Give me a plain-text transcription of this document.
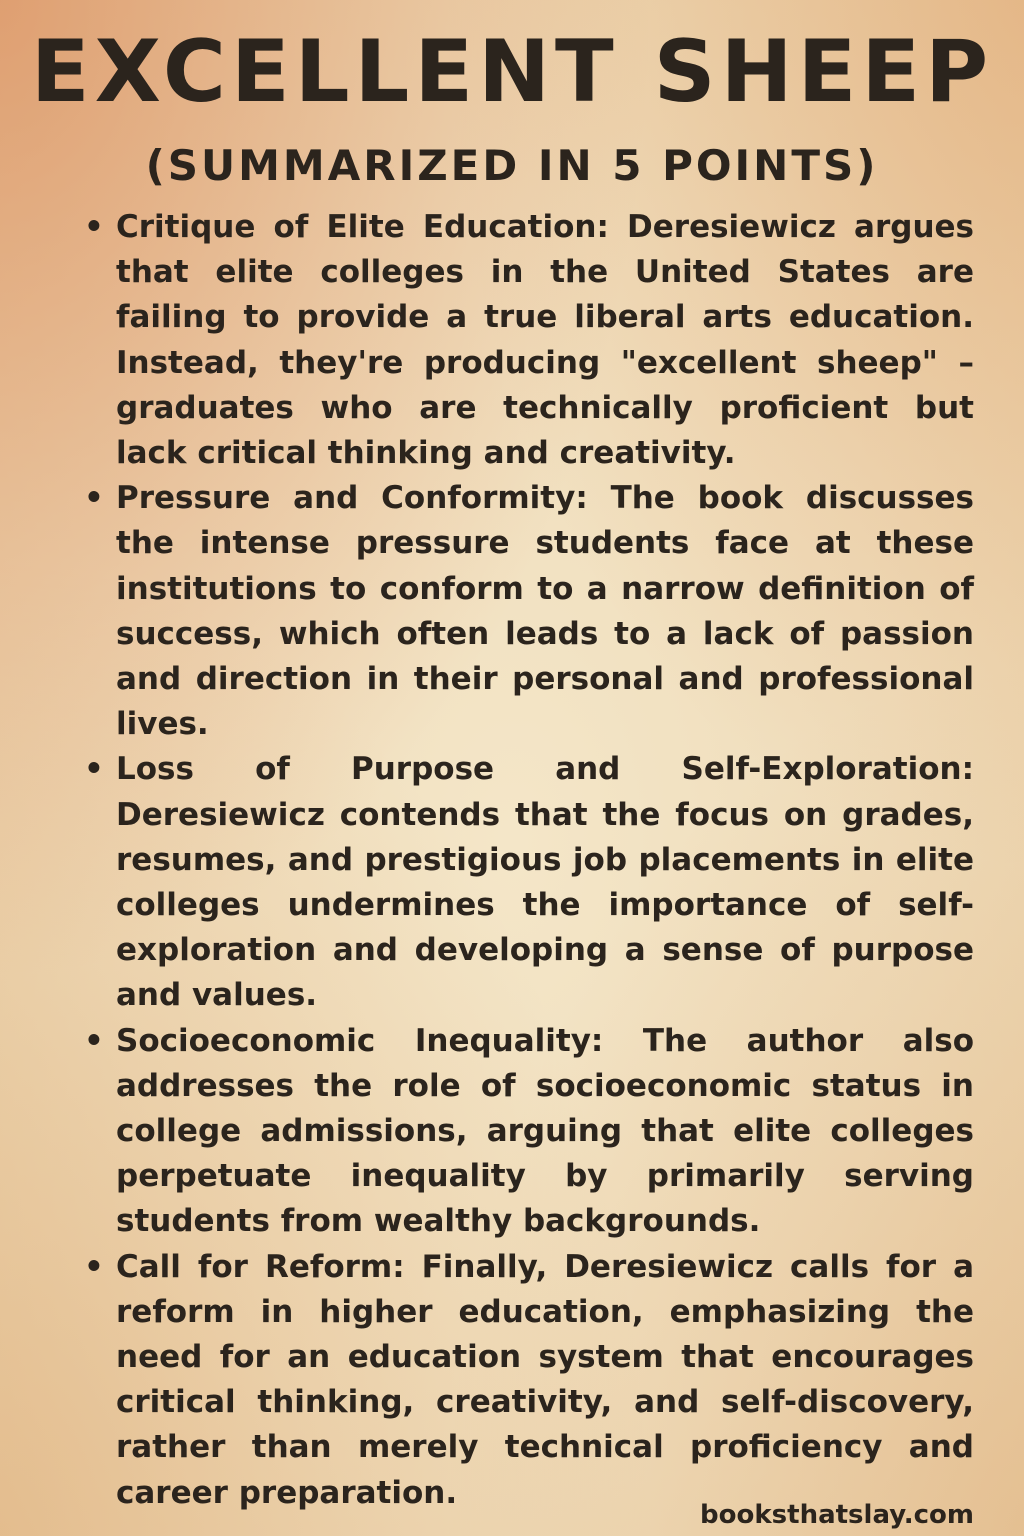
EXCELLENT SHEEP
(SUMMARIZED IN 5 POINTS)
• Critique of Elite Education: Deresiewicz argues that elite colleges in the United States are failing to provide a true liberal arts education. Instead, they're producing "excellent sheep" – graduates who are technically proficient but lack critical thinking and creativity.
• Pressure and Conformity: The book discusses the intense pressure students face at these institutions to conform to a narrow definition of success, which often leads to a lack of passion and direction in their personal and professional lives.
• Loss of Purpose and Self-Exploration: Deresiewicz contends that the focus on grades, resumes, and prestigious job placements in elite colleges undermines the importance of self-exploration and developing a sense of purpose and values.
• Socioeconomic Inequality: The author also addresses the role of socioeconomic status in college admissions, arguing that elite colleges perpetuate inequality by primarily serving students from wealthy backgrounds.
• Call for Reform: Finally, Deresiewicz calls for a reform in higher education, emphasizing the need for an education system that encourages critical thinking, creativity, and self-discovery, rather than merely technical proficiency and career preparation.
booksthatslay.com
